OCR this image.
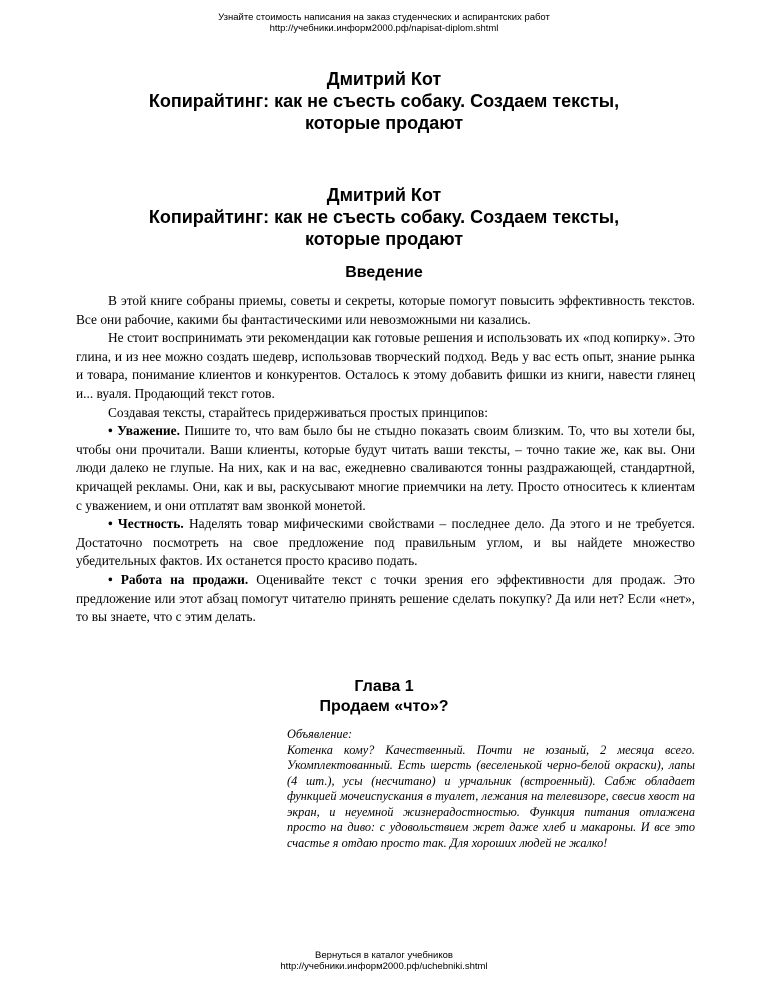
Узнайте стоимость написания на заказ студенческих и аспирантских работ
http://учебники.информ2000.рф/napisat-diplom.shtml
Дмитрий Кот
Копирайтинг: как не съесть собаку. Создаем тексты,
которые продают
Дмитрий Кот
Копирайтинг: как не съесть собаку. Создаем тексты,
которые продают
Введение

В этой книге собраны приемы, советы и секреты, которые помогут повысить эффективность текстов. Все они рабочие, какими бы фантастическими или невозможными ни казались.

Не стоит воспринимать эти рекомендации как готовые решения и использовать их «под копирку». Это глина, и из нее можно создать шедевр, использовав творческий подход. Ведь у вас есть опыт, знание рынка и товара, понимание клиентов и конкурентов. Осталось к этому добавить фишки из книги, навести глянец и... вуаля. Продающий текст готов.

Создавая тексты, старайтесь придерживаться простых принципов:

• Уважение. Пишите то, что вам было бы не стыдно показать своим близким. То, что вы хотели бы, чтобы они прочитали. Ваши клиенты, которые будут читать ваши тексты, – точно такие же, как вы. Они люди далеко не глупые. На них, как и на вас, ежедневно сваливаются тонны раздражающей, стандартной, кричащей рекламы. Они, как и вы, раскусывают многие приемчики на лету. Просто относитесь к клиентам с уважением, и они отплатят вам звонкой монетой.

• Честность. Наделять товар мифическими свойствами – последнее дело. Да этого и не требуется. Достаточно посмотреть на свое предложение под правильным углом, и вы найдете множество убедительных фактов. Их останется просто красиво подать.

• Работа на продажи. Оценивайте текст с точки зрения его эффективности для продаж. Это предложение или этот абзац помогут читателю принять решение сделать покупку? Да или нет? Если «нет», то вы знаете, что с этим делать.

Глава 1
Продаем «что»?

Объявление:

Котенка кому? Качественный. Почти не юзаный, 2 месяца всего. Укомплектованный. Есть шерсть (веселенькой черно-белой окраски), лапы (4 шт.), усы (несчитано) и урчальник (встроенный). Сабж обладает функцией мочеиспускания в туалет, лежания на телевизоре, свесив хвост на экран, и неуемной жизнерадостностью. Функция питания отлажена просто на диво: с удовольствием жрет даже хлеб и макароны. И все это счастье я отдаю просто так. Для хороших людей не жалко!

Вернуться в каталог учебников
http://учебники.информ2000.рф/uchebniki.shtml
